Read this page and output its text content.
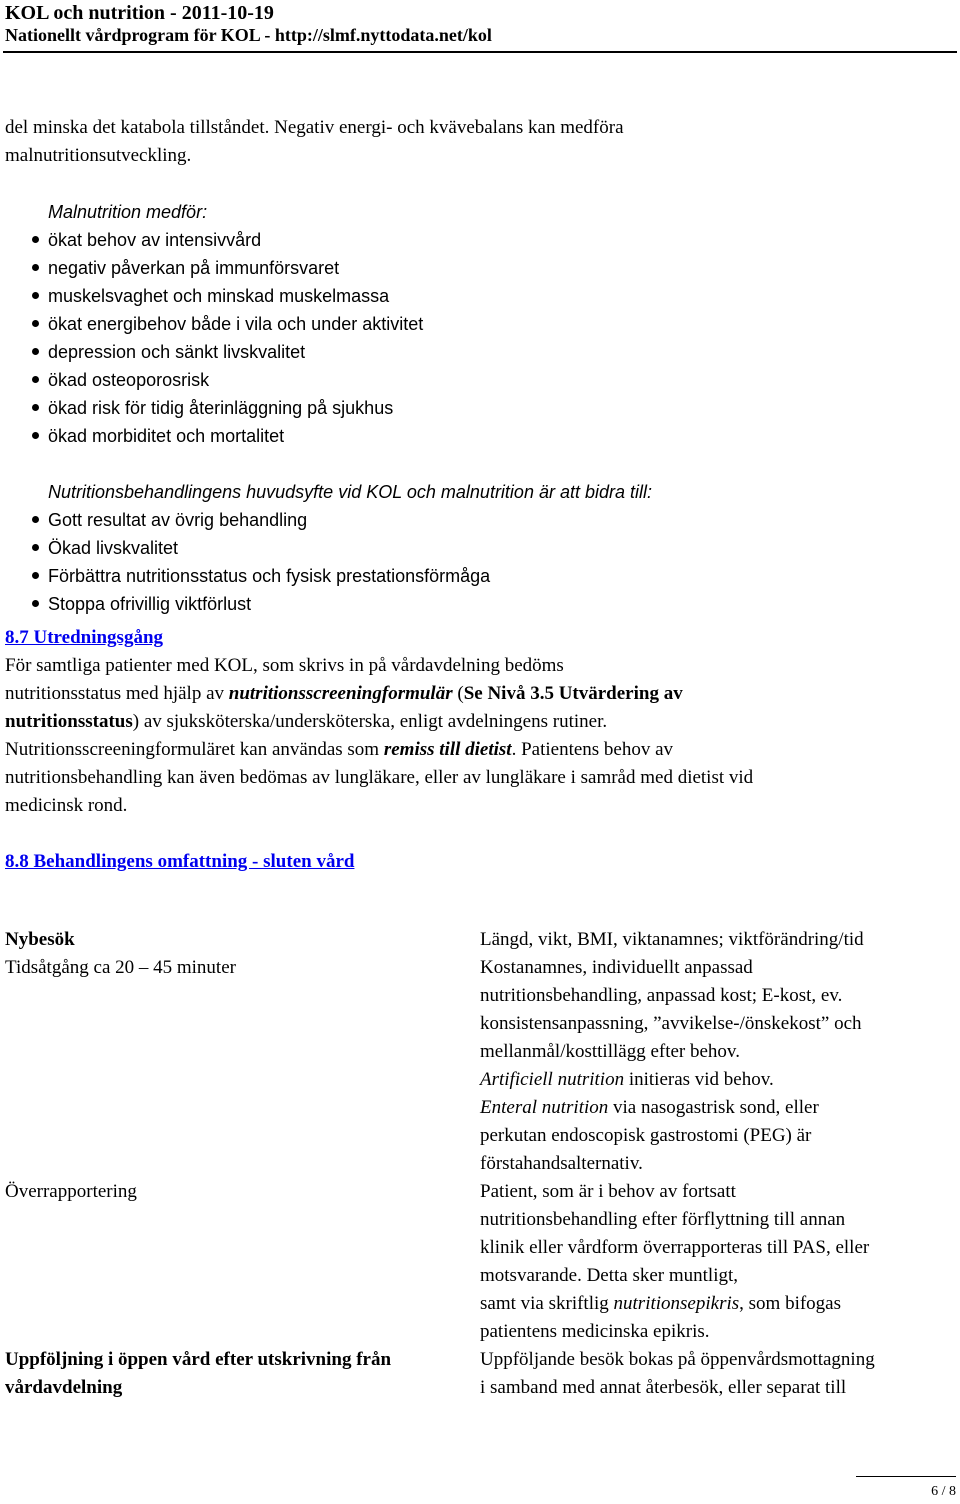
KOL och nutrition - 2011-10-19
Nationellt vårdprogram för KOL - http://slmf.nyttodata.net/kol

del minska det katabola tillståndet. Negativ energi- och kvävebalans kan medföra

malnutritionsutveckling.

Malnutrition medför:
ökat behov av intensivvård
negativ påverkan på immunförsvaret
muskelsvaghet och minskad muskelmassa
ökat energibehov både i vila och under aktivitet
depression och sänkt livskvalitet
ökad osteoporosrisk
ökad risk för tidig återinläggning på sjukhus
ökad morbiditet och mortalitet
Nutritionsbehandlingens huvudsyfte vid KOL och malnutrition är att bidra till:
Gott resultat av övrig behandling
Ökad livskvalitet
Förbättra nutritionsstatus och fysisk prestationsförmåga
Stoppa ofrivillig viktförlust

8.7 Utredningsgång

För samtliga patienter med KOL, som skrivs in på vårdavdelning bedöms

nutritionsstatus med hjälp av nutritionsscreeningformulär (Se Nivå 3.5 Utvärdering av

nutritionsstatus) av sjuksköterska/undersköterska, enligt avdelningens rutiner.

Nutritionsscreeningformuläret kan användas som remiss till dietist. Patientens behov av

nutritionsbehandling kan även bedömas av lungläkare, eller av lungläkare i samråd med dietist vid

medicinsk rond.

8.8 Behandlingens omfattning - sluten vård

Nybesök
Tidsåtgång ca 20 – 45 minuter
Längd, vikt, BMI, viktanamnes; viktförändring/tid
Kostanamnes, individuellt anpassad
nutritionsbehandling, anpassad kost; E-kost, ev.
konsistensanpassning, ”avvikelse-/önskekost” och
mellanmål/kosttillägg efter behov.
Artificiell nutrition initieras vid behov.
Enteral nutrition via nasogastrisk sond, eller
perkutan endoscopisk gastrostomi (PEG) är
förstahandsalternativ.
Överrapportering	Patient, som är i behov av fortsatt
nutritionsbehandling efter förflyttning till annan
klinik eller vårdform överrapporteras till PAS, eller
motsvarande. Detta sker muntligt,
samt via skriftlig nutritionsepikris, som bifogas
patientens medicinska epikris.
Uppföljning i öppen vård efter utskrivning från
vårdavdelning
Uppföljande besök bokas på öppenvårdsmottagning
i samband med annat återbesök, eller separat till
6 / 8
